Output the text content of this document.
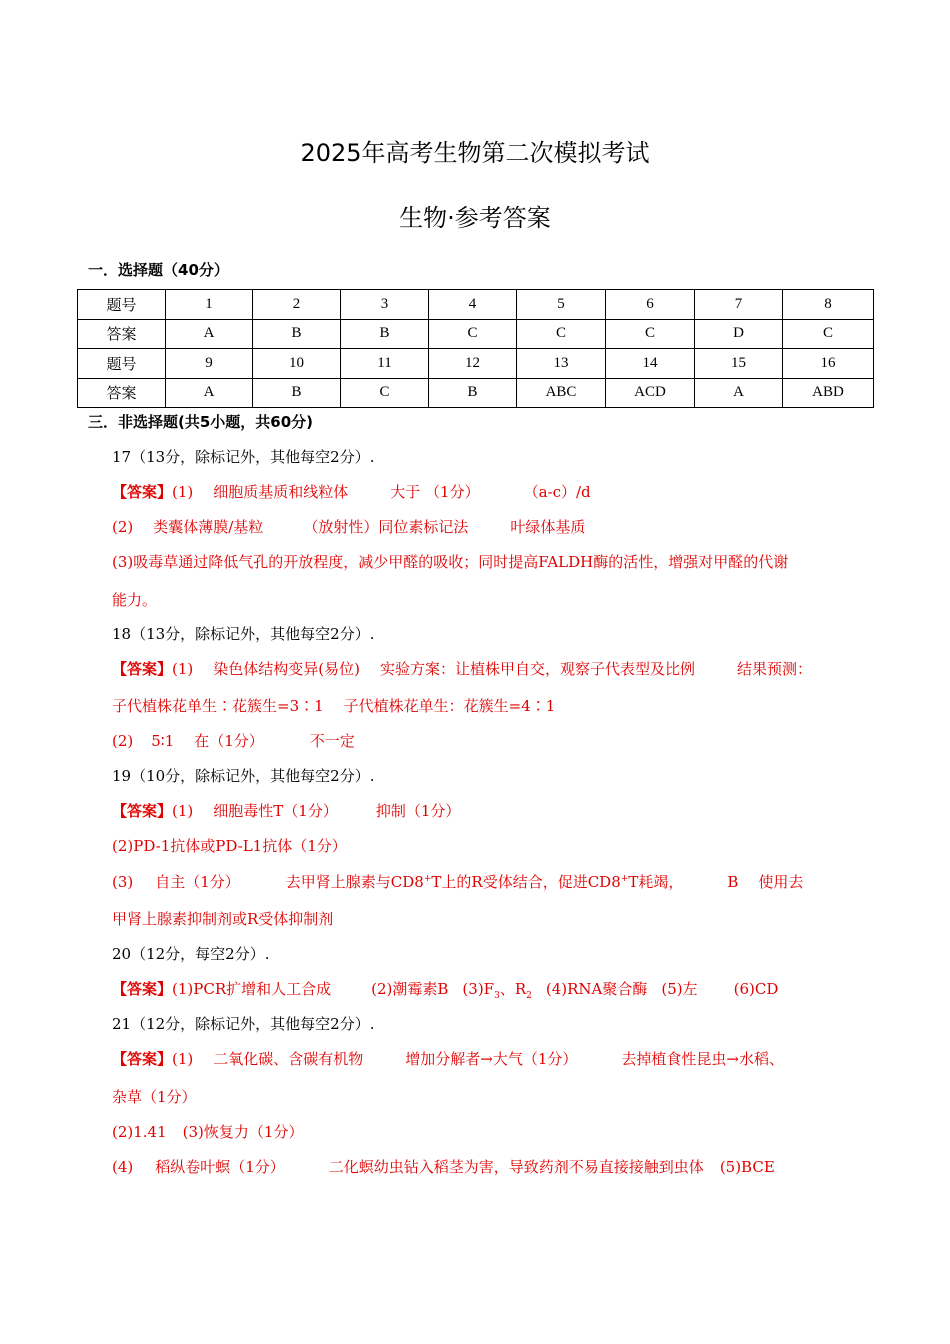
2025年高考生物第二次模拟考试
生物·参考答案
一．选择题（40分）
题号	1	2	3	4	5	6	7	8
答案	A	B	B	C	C	C	D	C
题号	9	10	11	12	13	14	15	16
答案	A	B	C	B	ABC	ACD	A	ABD
三．非选择题(共5小题，共60分)
17（13分，除标记外，其他每空2分）.
【答案】(1) 细胞质基质和线粒体	大于 （1分）	（a-c）/d
(2) 类囊体薄膜/基粒	（放射性）同位素标记法	叶绿体基质
(3)吸毒草通过降低气孔的开放程度，减少甲醛的吸收；同时提高FALDH酶的活性，增强对甲醛的代谢
能力。
18（13分，除标记外，其他每空2分）.
【答案】(1) 染色体结构变异(易位) 实验方案：让植株甲自交，观察子代表型及比例	结果预测：
子代植株花单生∶花簇生=3∶1 子代植株花单生：花簇生=4∶1
(2) 5∶1 在（1分）	不一定
19（10分，除标记外，其他每空2分）.
【答案】(1) 细胞毒性T（1分）	抑制（1分）
(2)PD-1抗体或PD-L1抗体（1分）
(3) 自主（1分）	去甲肾上腺素与CD8+T上的R受体结合，促进CD8+T耗竭，	B 使用去
甲肾上腺素抑制剂或R受体抑制剂
20（12分，每空2分）.
【答案】(1)PCR扩增和人工合成	(2)潮霉素B $(3)F_3$、$R_2$ (4)RNA聚合酶 (5)左 (6)CD
21（12分，除标记外，其他每空2分）.
【答案】(1) 二氧化碳、含碳有机物	增加分解者→大气（1分）	去掉植食性昆虫→水稻、
杂草（1分）
(2)1.41 (3)恢复力（1分）
(4) 稻纵卷叶螟（1分）	二化螟幼虫钻入稻茎为害，导致药剂不易直接接触到虫体 (5)BCE
